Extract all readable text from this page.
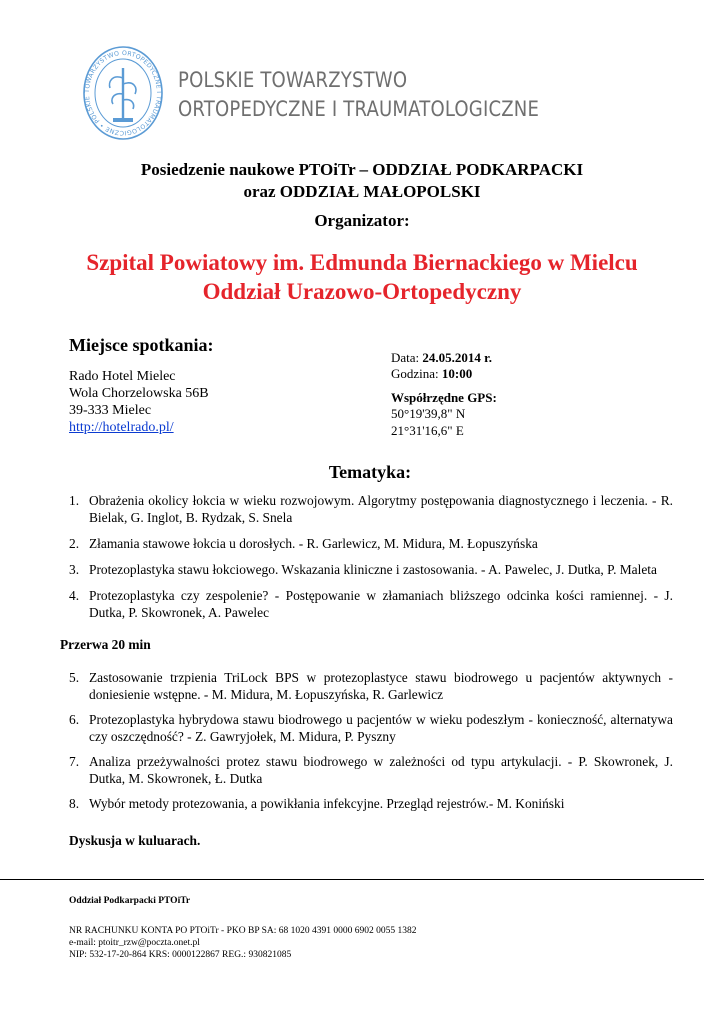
TOWARZYSTWO ORTOPEDYCZNE I TRAUMATOLOGICZNE • POLSKIE
POLSKIE TOWARZYSTWO
ORTOPEDYCZNE I TRAUMATOLOGICZNE
Posiedzenie naukowe PTOiTr – ODDZIAŁ PODKARPACKI
oraz ODDZIAŁ MAŁOPOLSKI
Organizator:
Szpital Powiatowy im. Edmunda Biernackiego w Mielcu
Oddział Urazowo-Ortopedyczny
Miejsce spotkania:
Rado Hotel Mielec
Wola Chorzelowska 56B
39-333 Mielec
http://hotelrado.pl/
Data: 24.05.2014 r.
Godzina: 10:00
Współrzędne GPS:
50°19'39,8" N
21°31'16,6" E
Tematyka:
1. Obrażenia okolicy łokcia w wieku rozwojowym. Algorytmy postępowania diagnostycznego i leczenia. - R. Bielak, G. Inglot, B. Rydzak, S. Snela
2. Złamania stawowe łokcia u dorosłych. - R. Garlewicz, M. Midura, M. Łopuszyńska
3. Protezoplastyka stawu łokciowego. Wskazania kliniczne i zastosowania. - A. Pawelec, J. Dutka, P. Maleta
4. Protezoplastyka czy zespolenie? - Postępowanie w złamaniach bliższego odcinka kości ramiennej. - J. Dutka, P. Skowronek, A. Pawelec
Przerwa 20 min
5. Zastosowanie trzpienia TriLock BPS w protezoplastyce stawu biodrowego u pacjentów aktywnych - doniesienie wstępne. - M. Midura, M. Łopuszyńska, R. Garlewicz
6. Protezoplastyka hybrydowa stawu biodrowego u pacjentów w wieku podeszłym - konieczność, alternatywa czy oszczędność? - Z. Gawryjołek, M. Midura, P. Pyszny
7. Analiza przeżywalności protez stawu biodrowego w zależności od typu artykulacji. - P. Skowronek, J. Dutka, M. Skowronek, Ł. Dutka
8. Wybór metody protezowania, a powikłania infekcyjne. Przegląd rejestrów.- M. Koniński
Dyskusja w kuluarach.
Oddział Podkarpacki PTOiTr
NR RACHUNKU KONTA PO PTOiTr - PKO BP SA: 68 1020 4391 0000 6902 0055 1382
e-mail: ptoitr_rzw@poczta.onet.pl
NIP: 532-17-20-864 KRS: 0000122867 REG.: 930821085
